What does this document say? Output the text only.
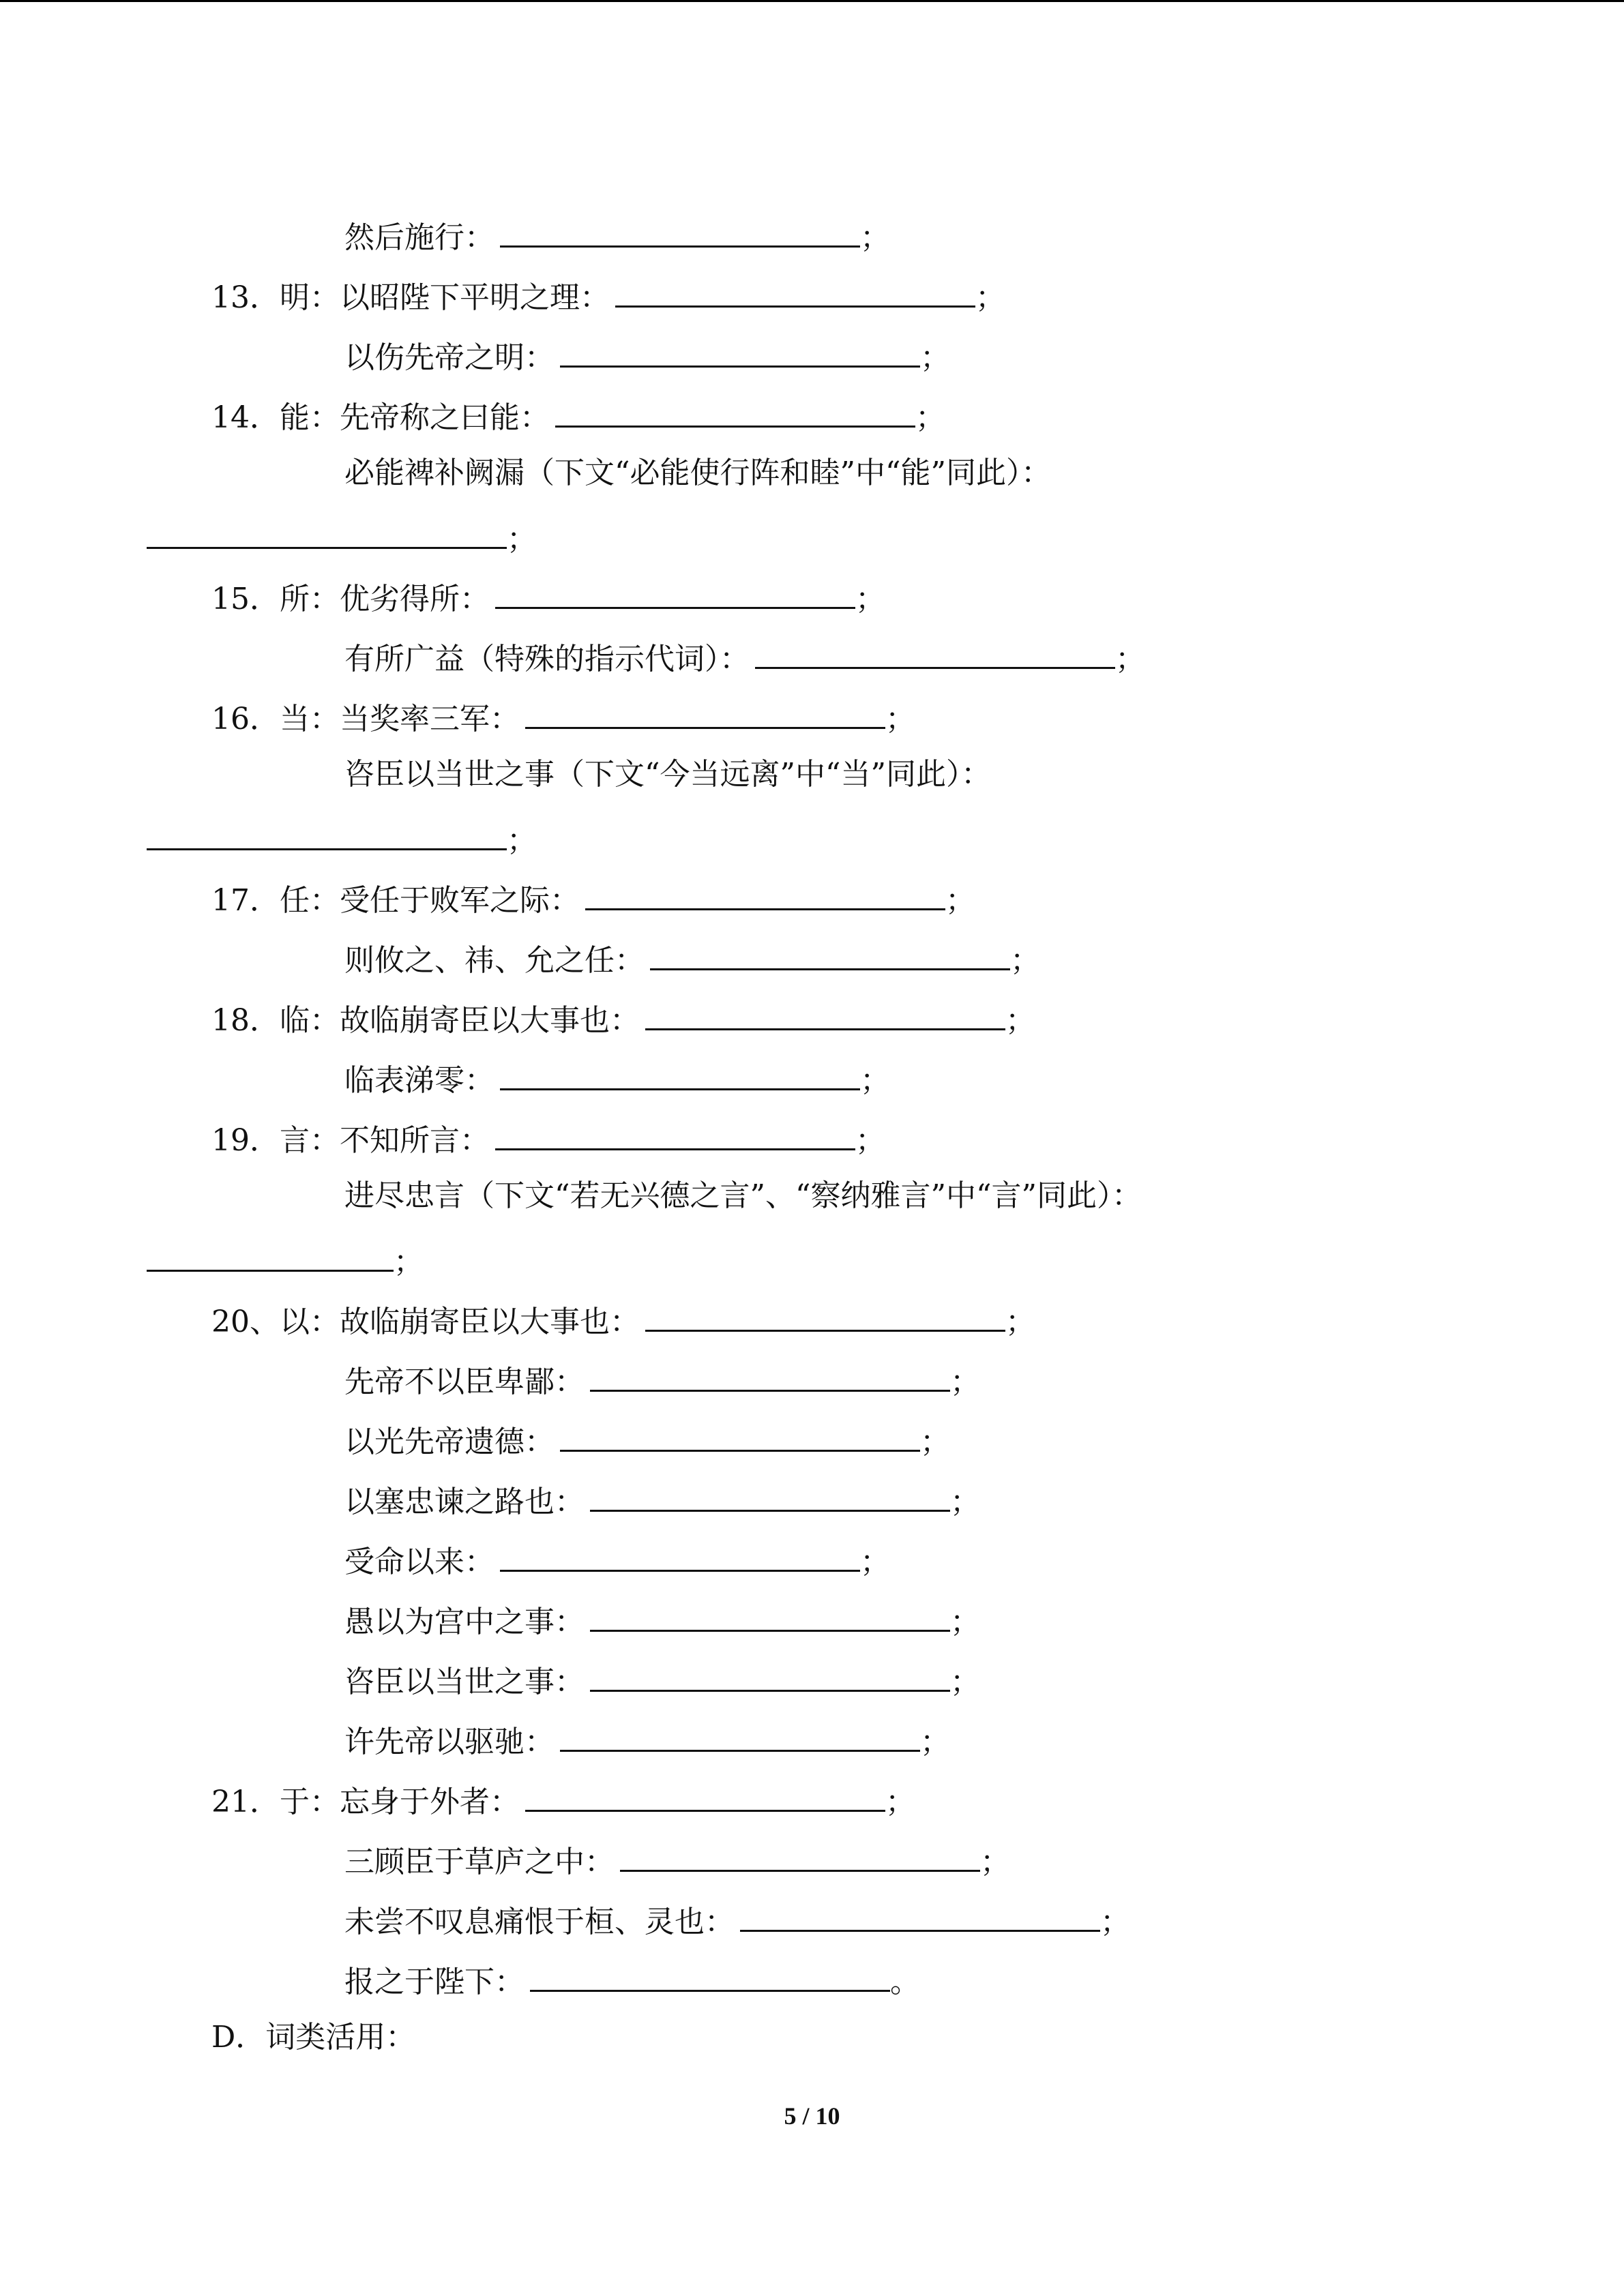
然后施行：	；
13．明：以昭陛下平明之理：	；
以伤先帝之明：	；
14．能：先帝称之曰能：	；
必能裨补阙漏（下文“必能使行阵和睦”中“能”同此）：
；
15．所：优劣得所：	；
有所广益（特殊的指示代词）：	；
16．当：当奖率三军：	；
咨臣以当世之事（下文“今当远离”中“当”同此）：
；
17．任：受任于败军之际：	；
则攸之、祎、允之任：	；
18．临：故临崩寄臣以大事也：	；
临表涕零：	；
19．言：不知所言：	；
进尽忠言（下文“若无兴德之言”、“察纳雅言”中“言”同此）：
；
20、以：故临崩寄臣以大事也：	；
先帝不以臣卑鄙：	；
以光先帝遗德：	；
以塞忠谏之路也：	；
受命以来：	；
愚以为宫中之事：	；
咨臣以当世之事：	；
许先帝以驱驰：	；
21．于：忘身于外者：	；
三顾臣于草庐之中：	；
未尝不叹息痛恨于桓、灵也：	；
报之于陛下：	。
D．词类活用：
5 / 10
